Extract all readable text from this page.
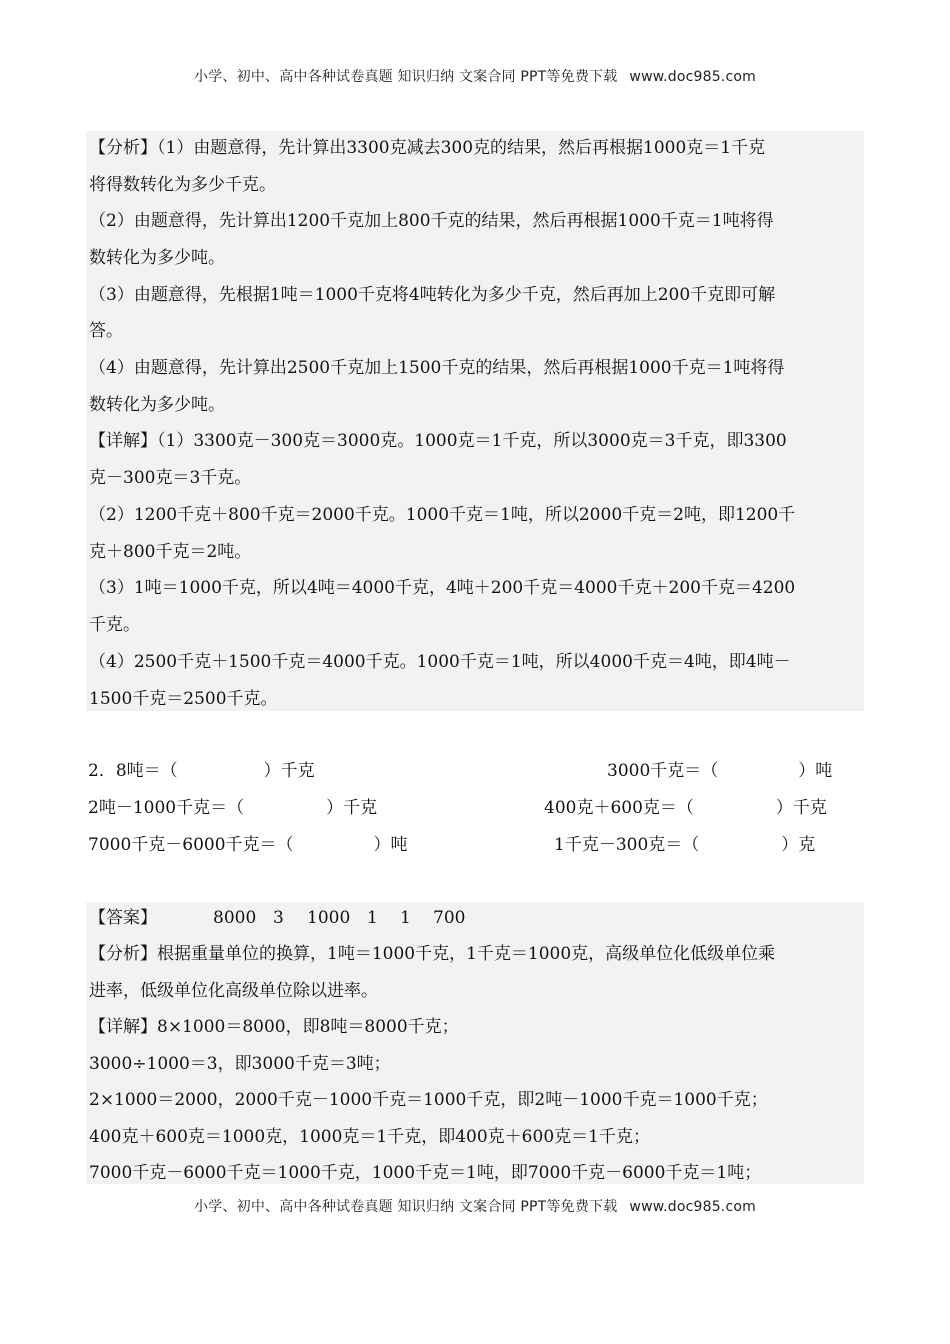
小学、初中、高中各种试卷真题 知识归纳 文案合同 PPT等免费下载 www.doc985.com
【分析】（1）由题意得，先计算出3300克减去300克的结果，然后再根据1000克＝1千克
将得数转化为多少千克。
（2）由题意得，先计算出1200千克加上800千克的结果，然后再根据1000千克＝1吨将得
数转化为多少吨。
（3）由题意得，先根据1吨＝1000千克将4吨转化为多少千克，然后再加上200千克即可解
答。
（4）由题意得，先计算出2500千克加上1500千克的结果，然后再根据1000千克＝1吨将得
数转化为多少吨。
【详解】（1）3300克－300克＝3000克。1000克＝1千克，所以3000克＝3千克，即3300
克－300克＝3千克。
（2）1200千克＋800千克＝2000千克。1000千克＝1吨，所以2000千克＝2吨，即1200千
克＋800千克＝2吨。
（3）1吨＝1000千克，所以4吨＝4000千克，4吨＋200千克＝4000千克＋200千克＝4200
千克。
（4）2500千克＋1500千克＝4000千克。1000千克＝1吨，所以4000千克＝4吨，即4吨－
1500千克＝2500千克。
2．8吨＝（	）千克	3000千克＝（	）吨
2吨－1000千克＝（	）千克	400克＋600克＝（	）千克
7000千克－6000千克＝（	）吨	1千克－300克＝（	）克
【答案】	8000 3 1000 1 1 700
【分析】根据重量单位的换算，1吨＝1000千克，1千克＝1000克，高级单位化低级单位乘
进率，低级单位化高级单位除以进率。
【详解】8×1000＝8000，即8吨＝8000千克；
3000÷1000＝3，即3000千克＝3吨；
2×1000＝2000，2000千克－1000千克＝1000千克，即2吨－1000千克＝1000千克；
400克＋600克＝1000克，1000克＝1千克，即400克＋600克＝1千克；
7000千克－6000千克＝1000千克，1000千克＝1吨，即7000千克－6000千克＝1吨；
小学、初中、高中各种试卷真题 知识归纳 文案合同 PPT等免费下载 www.doc985.com
